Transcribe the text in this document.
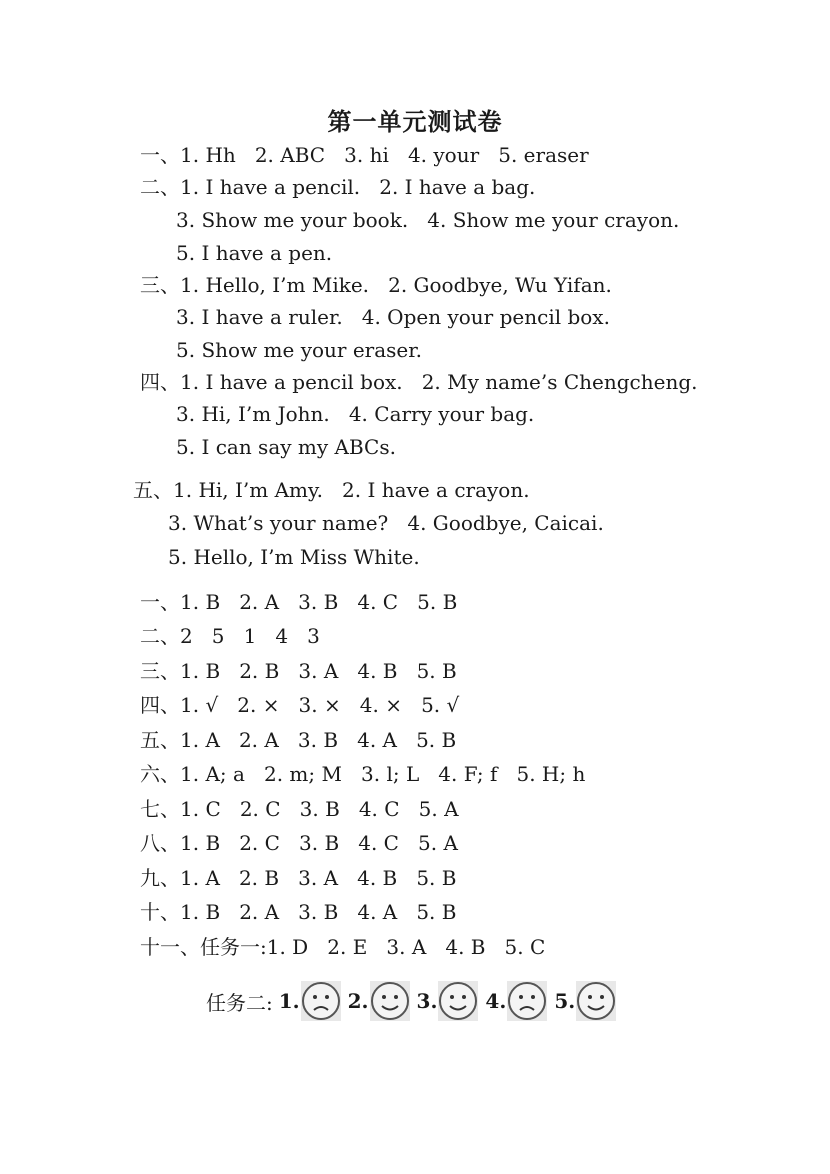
第一单元测试卷
一、1. Hh   2. ABC   3. hi   4. your   5. eraser
二、1. I have a pencil.   2. I have a bag.
3. Show me your book.   4. Show me your crayon.
5. I have a pen.
三、1. Hello, I’m Mike.   2. Goodbye, Wu Yifan.
3. I have a ruler.   4. Open your pencil box.
5. Show me your eraser.
四、1. I have a pencil box.   2. My name’s Chengcheng.
3. Hi, I’m John.   4. Carry your bag.
5. I can say my ABCs.
五、1. Hi, I’m Amy.   2. I have a crayon.
3. What’s your name?   4. Goodbye, Caicai.
5. Hello, I’m Miss White.
一、1. B   2. A   3. B   4. C   5. B
二、2   5   1   4   3
三、1. B   2. B   3. A   4. B   5. B
四、1. √   2. ×   3. ×   4. ×   5. √
五、1. A   2. A   3. B   4. A   5. B
六、1. A; a   2. m; M   3. l; L   4. F; f   5. H; h
七、1. C   2. C   3. B   4. C   5. A
八、1. B   2. C   3. B   4. C   5. A
九、1. A   2. B   3. A   4. B   5. B
十、1. B   2. A   3. B   4. A   5. B
十一、任务一:1. D   2. E   3. A   4. B   5. C
任务二: 1. 2. 3. 4. 5.
